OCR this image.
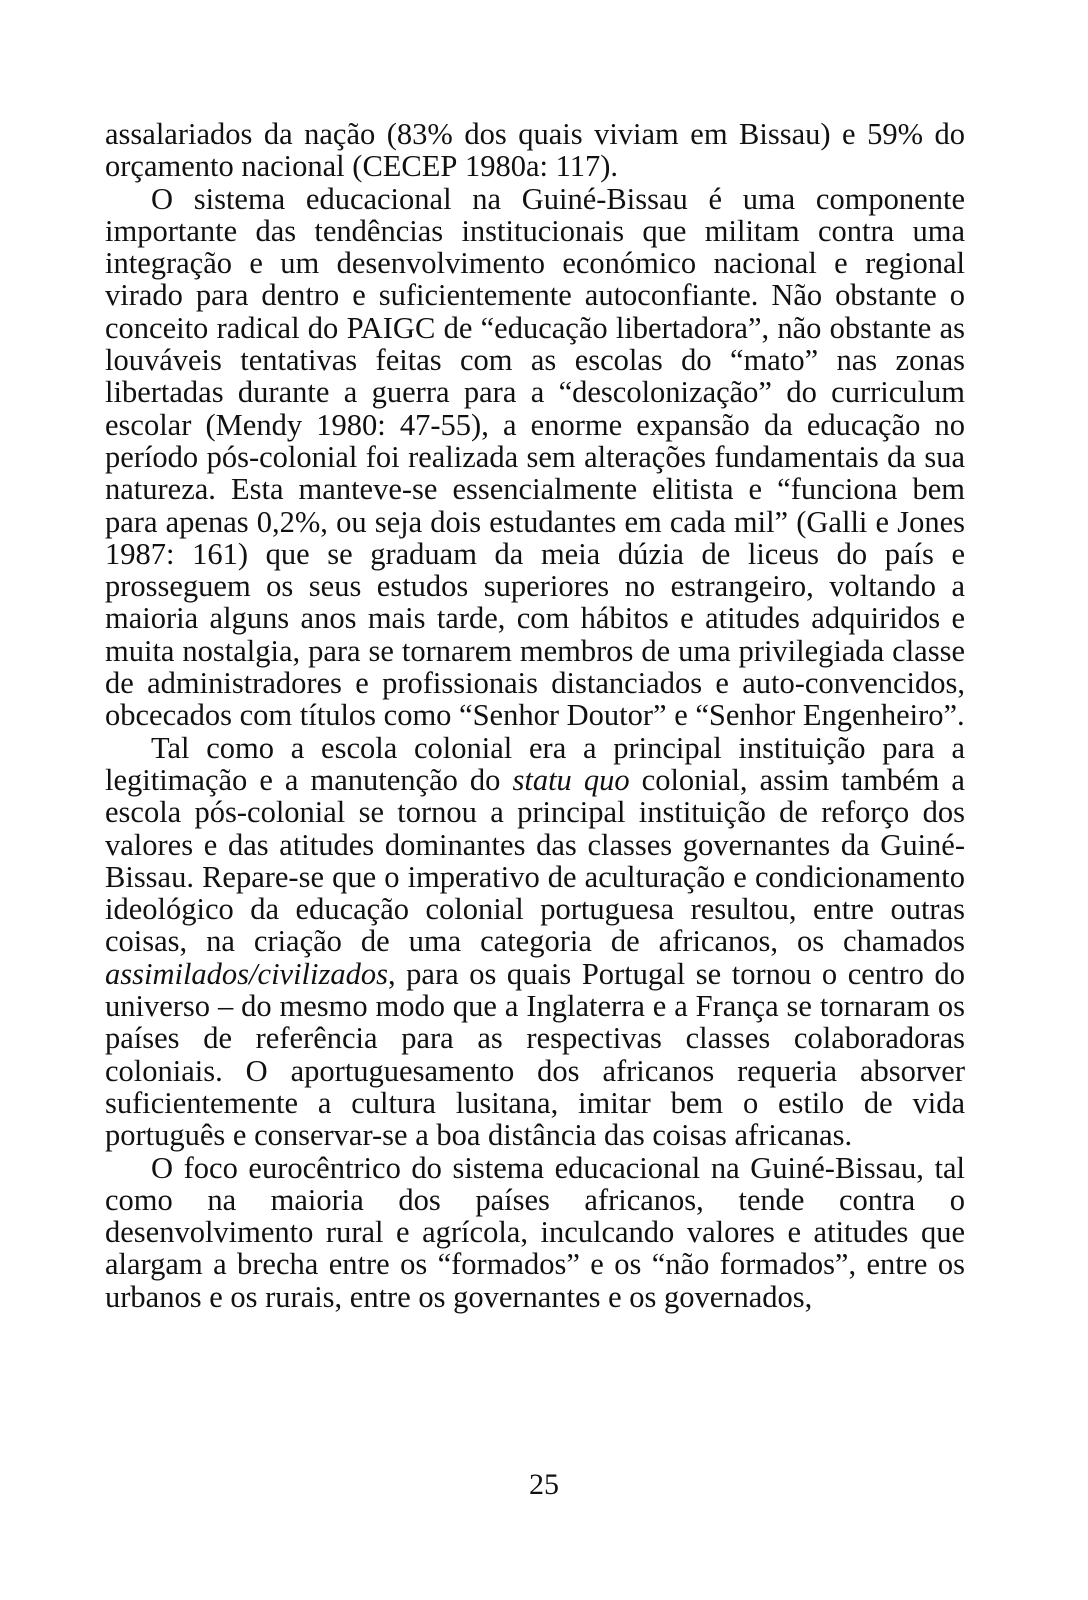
assalariados da nação (83% dos quais viviam em Bissau) e 59% do orçamento nacional (CECEP 1980a: 117).

O sistema educacional na Guiné-Bissau é uma componente importante das tendências institucionais que militam contra uma integração e um desenvolvimento económico nacional e regional virado para dentro e suficientemente autoconfiante. Não obstante o conceito radical do PAIGC de “educação libertadora”, não obstante as louváveis tentativas feitas com as escolas do “mato” nas zonas libertadas durante a guerra para a “descolonização” do curriculum escolar (Mendy 1980: 47-55), a enorme expansão da educação no período pós-colonial foi realizada sem alterações fundamentais da sua natureza. Esta manteve-se essencialmente elitista e “funciona bem para apenas 0,2%, ou seja dois estudantes em cada mil” (Galli e Jones 1987: 161) que se graduam da meia dúzia de liceus do país e prosseguem os seus estudos superiores no estrangeiro, voltando a maioria alguns anos mais tarde, com hábitos e atitudes adquiridos e muita nostalgia, para se tornarem membros de uma privilegiada classe de administradores e profissionais distanciados e auto-convencidos, obcecados com títulos como “Senhor Doutor” e “Senhor Engenheiro”.

Tal como a escola colonial era a principal instituição para a legitimação e a manutenção do statu quo colonial, assim também a escola pós-colonial se tornou a principal instituição de reforço dos valores e das atitudes dominantes das classes governantes da Guiné-Bissau. Repare-se que o imperativo de aculturação e condicionamento ideológico da educação colonial portuguesa resultou, entre outras coisas, na criação de uma categoria de africanos, os chamados assimilados/civilizados, para os quais Portugal se tornou o centro do universo – do mesmo modo que a Inglaterra e a França se tornaram os países de referência para as respectivas classes colaboradoras coloniais. O aportuguesamento dos africanos requeria absorver suficientemente a cultura lusitana, imitar bem o estilo de vida português e conservar-se a boa distância das coisas africanas.

O foco eurocêntrico do sistema educacional na Guiné-Bissau, tal como na maioria dos países africanos, tende contra o desenvolvimento rural e agrícola, inculcando valores e atitudes que alargam a brecha entre os “formados” e os “não formados”, entre os urbanos e os rurais, entre os governantes e os governados,

25
